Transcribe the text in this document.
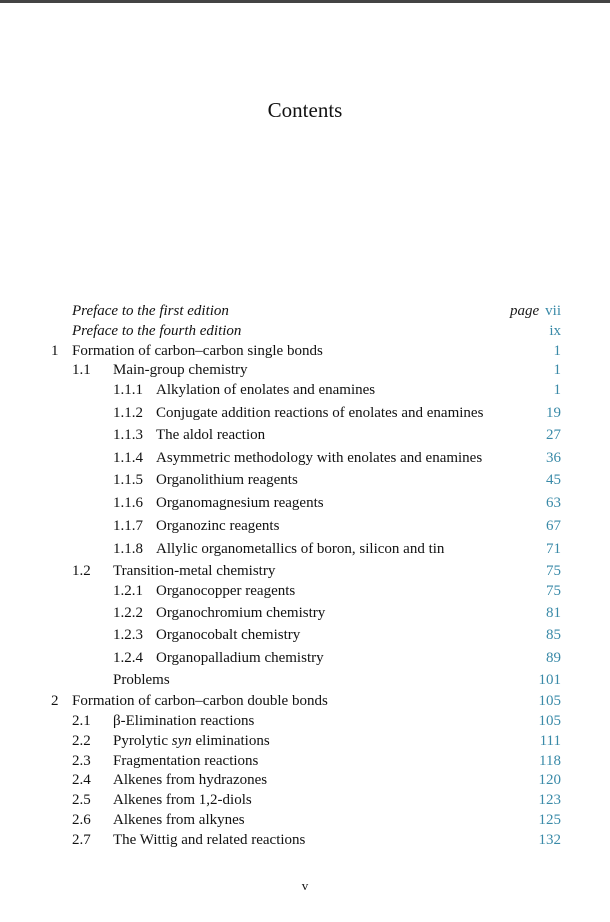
Contents
Preface to the first edition	page vii
Preface to the fourth edition	ix
1 Formation of carbon–carbon single bonds	1
1.1 Main-group chemistry	1
1.1.1 Alkylation of enolates and enamines	1
1.1.2 Conjugate addition reactions of enolates and enamines	19
1.1.3 The aldol reaction	27
1.1.4 Asymmetric methodology with enolates and enamines	36
1.1.5 Organolithium reagents	45
1.1.6 Organomagnesium reagents	63
1.1.7 Organozinc reagents	67
1.1.8 Allylic organometallics of boron, silicon and tin	71
1.2 Transition-metal chemistry	75
1.2.1 Organocopper reagents	75
1.2.2 Organochromium chemistry	81
1.2.3 Organocobalt chemistry	85
1.2.4 Organopalladium chemistry	89
Problems	101
2 Formation of carbon–carbon double bonds	105
2.1 β-Elimination reactions	105
2.2 Pyrolytic syn eliminations	111
2.3 Fragmentation reactions	118
2.4 Alkenes from hydrazones	120
2.5 Alkenes from 1,2-diols	123
2.6 Alkenes from alkynes	125
2.7 The Wittig and related reactions	132
v
